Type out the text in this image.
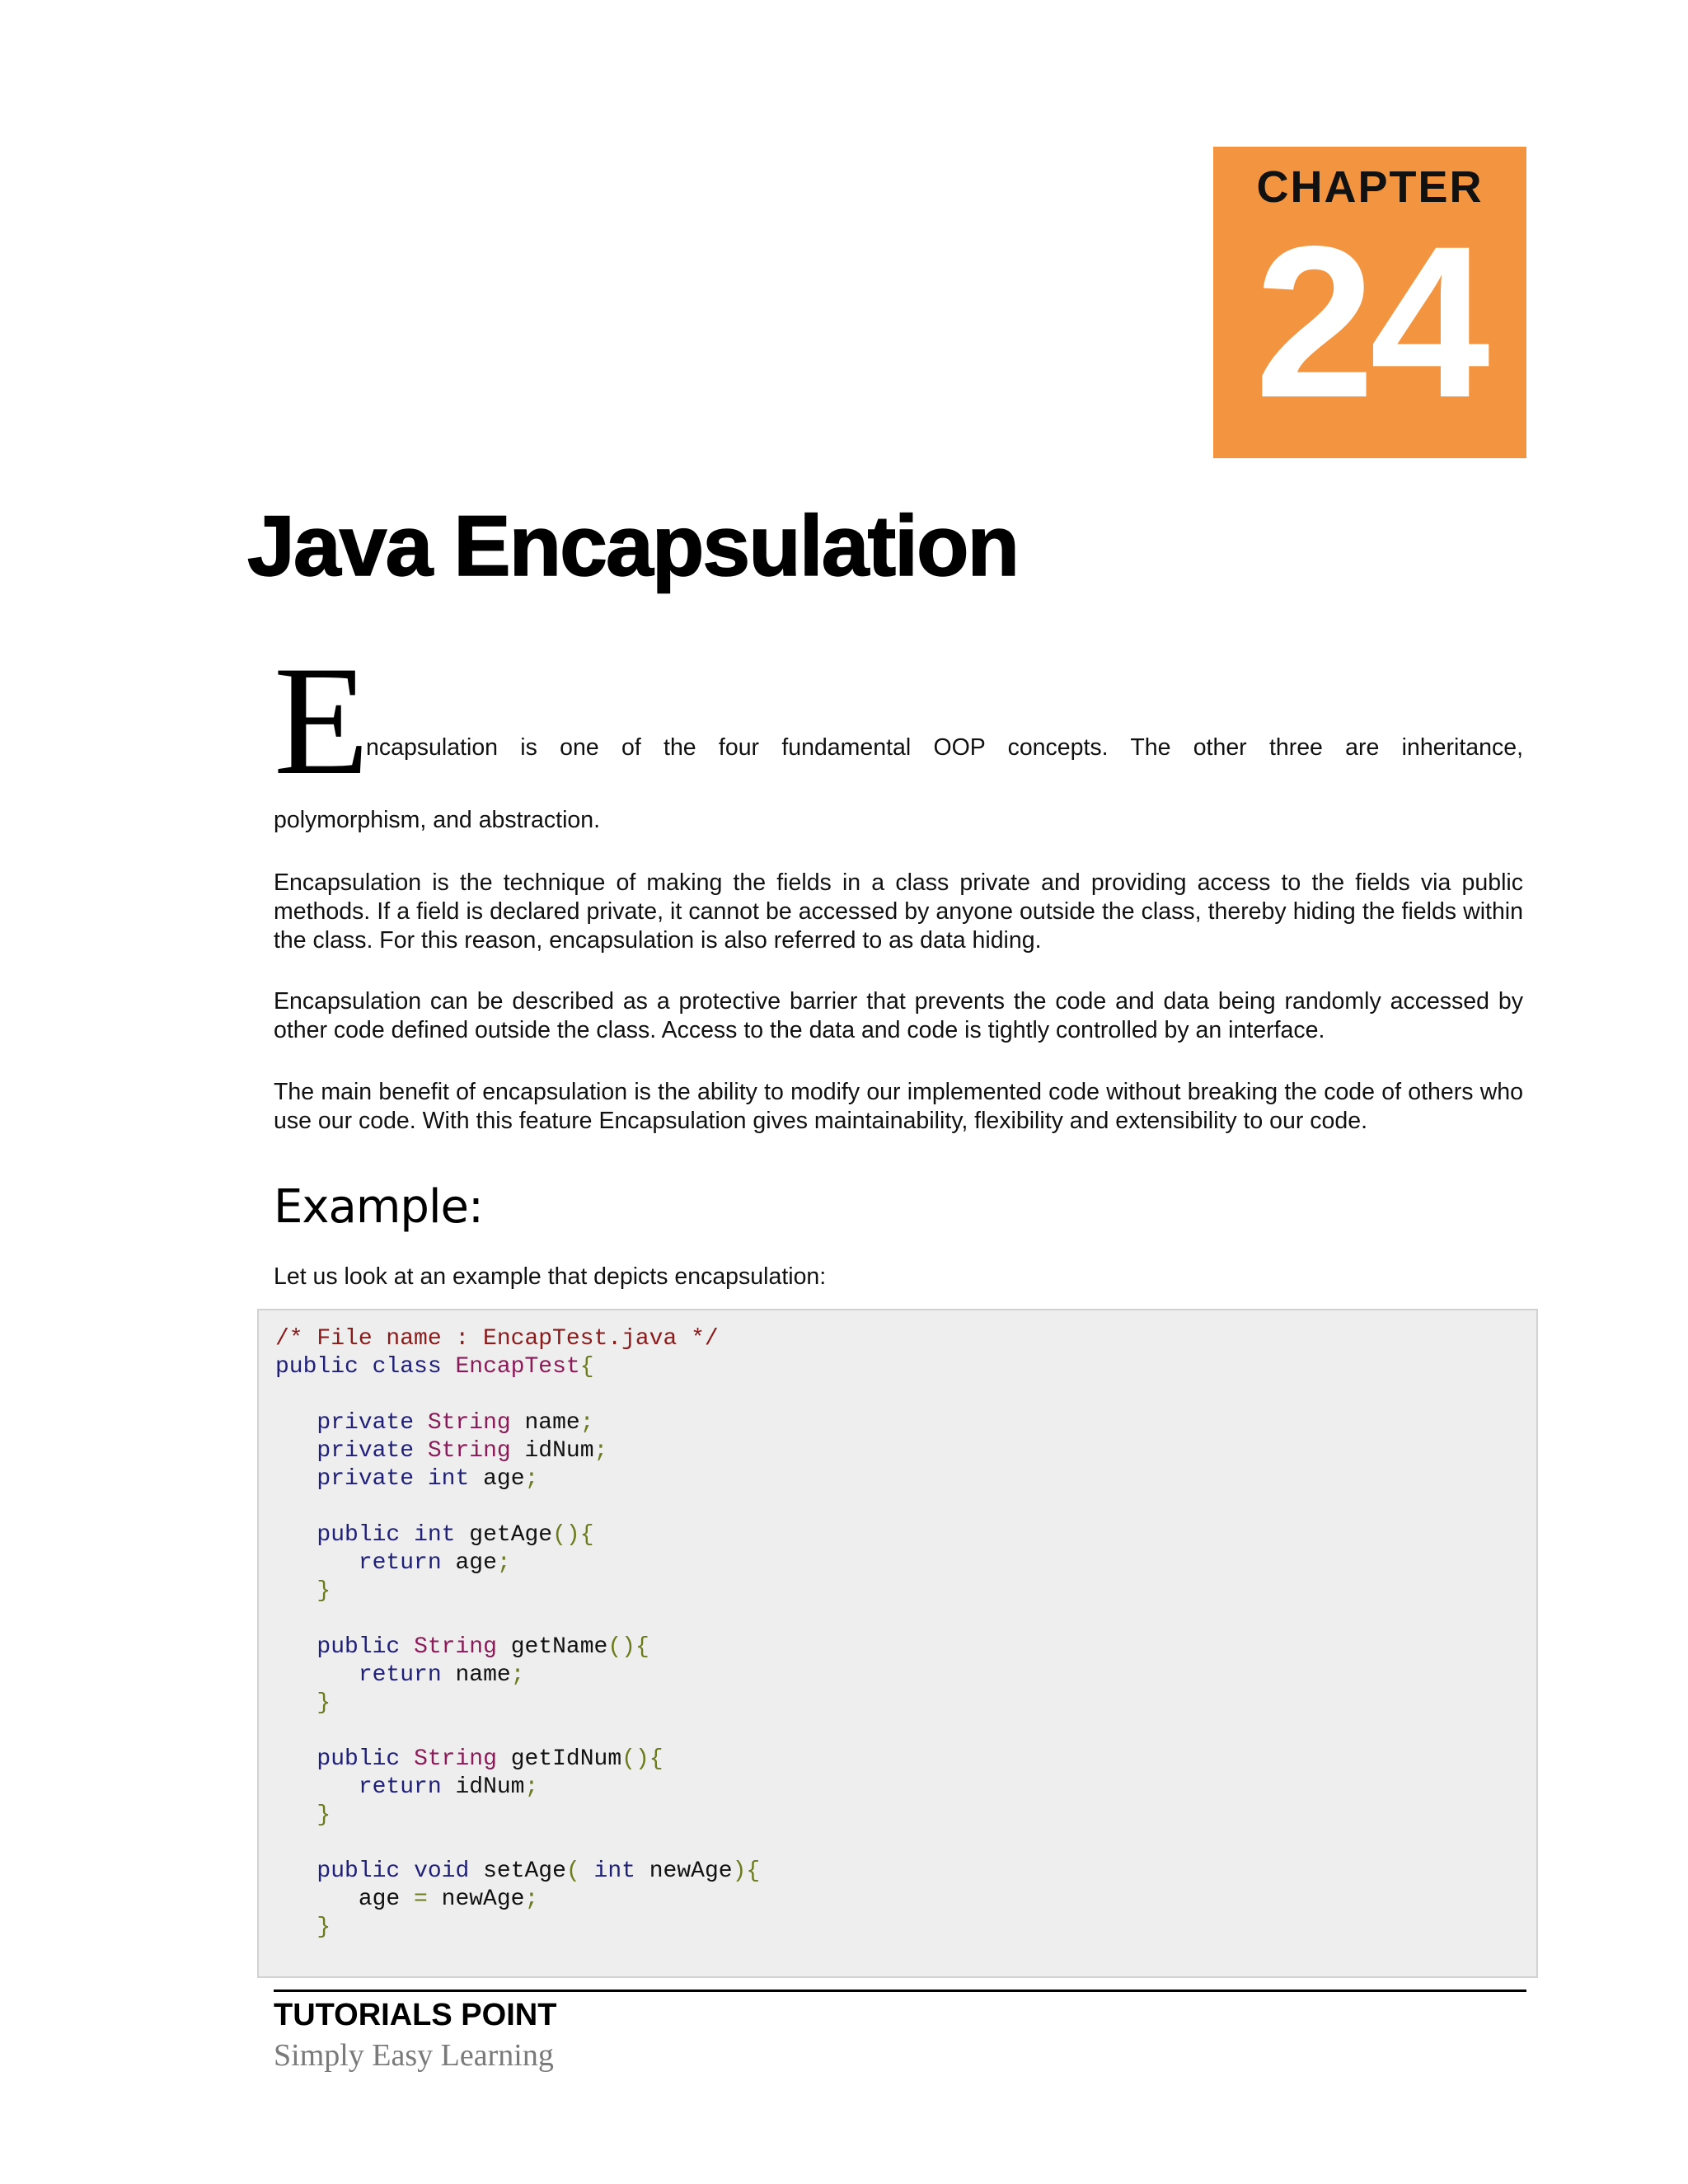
CHAPTER
24
Java Encapsulation
E
ncapsulation is one of the four fundamental OOP concepts. The other three are inheritance,

polymorphism, and abstraction.

Encapsulation is the technique of making the fields in a class private and providing access to the fields via public methods. If a field is declared private, it cannot be accessed by anyone outside the class, thereby hiding the fields within the class. For this reason, encapsulation is also referred to as data hiding.

Encapsulation can be described as a protective barrier that prevents the code and data being randomly accessed by other code defined outside the class. Access to the data and code is tightly controlled by an interface.

The main benefit of encapsulation is the ability to modify our implemented code without breaking the code of others who use our code. With this feature Encapsulation gives maintainability, flexibility and extensibility to our code.

Example:

Let us look at an example that depicts encapsulation:

/* File name : EncapTest.java */
public class EncapTest{

private String name;
private String idNum;
private int age;

public int getAge(){
return age;
}

public String getName(){
return name;
}

public String getIdNum(){
return idNum;
}

public void setAge( int newAge){
age = newAge;
}
TUTORIALS POINT
Simply Easy Learning
